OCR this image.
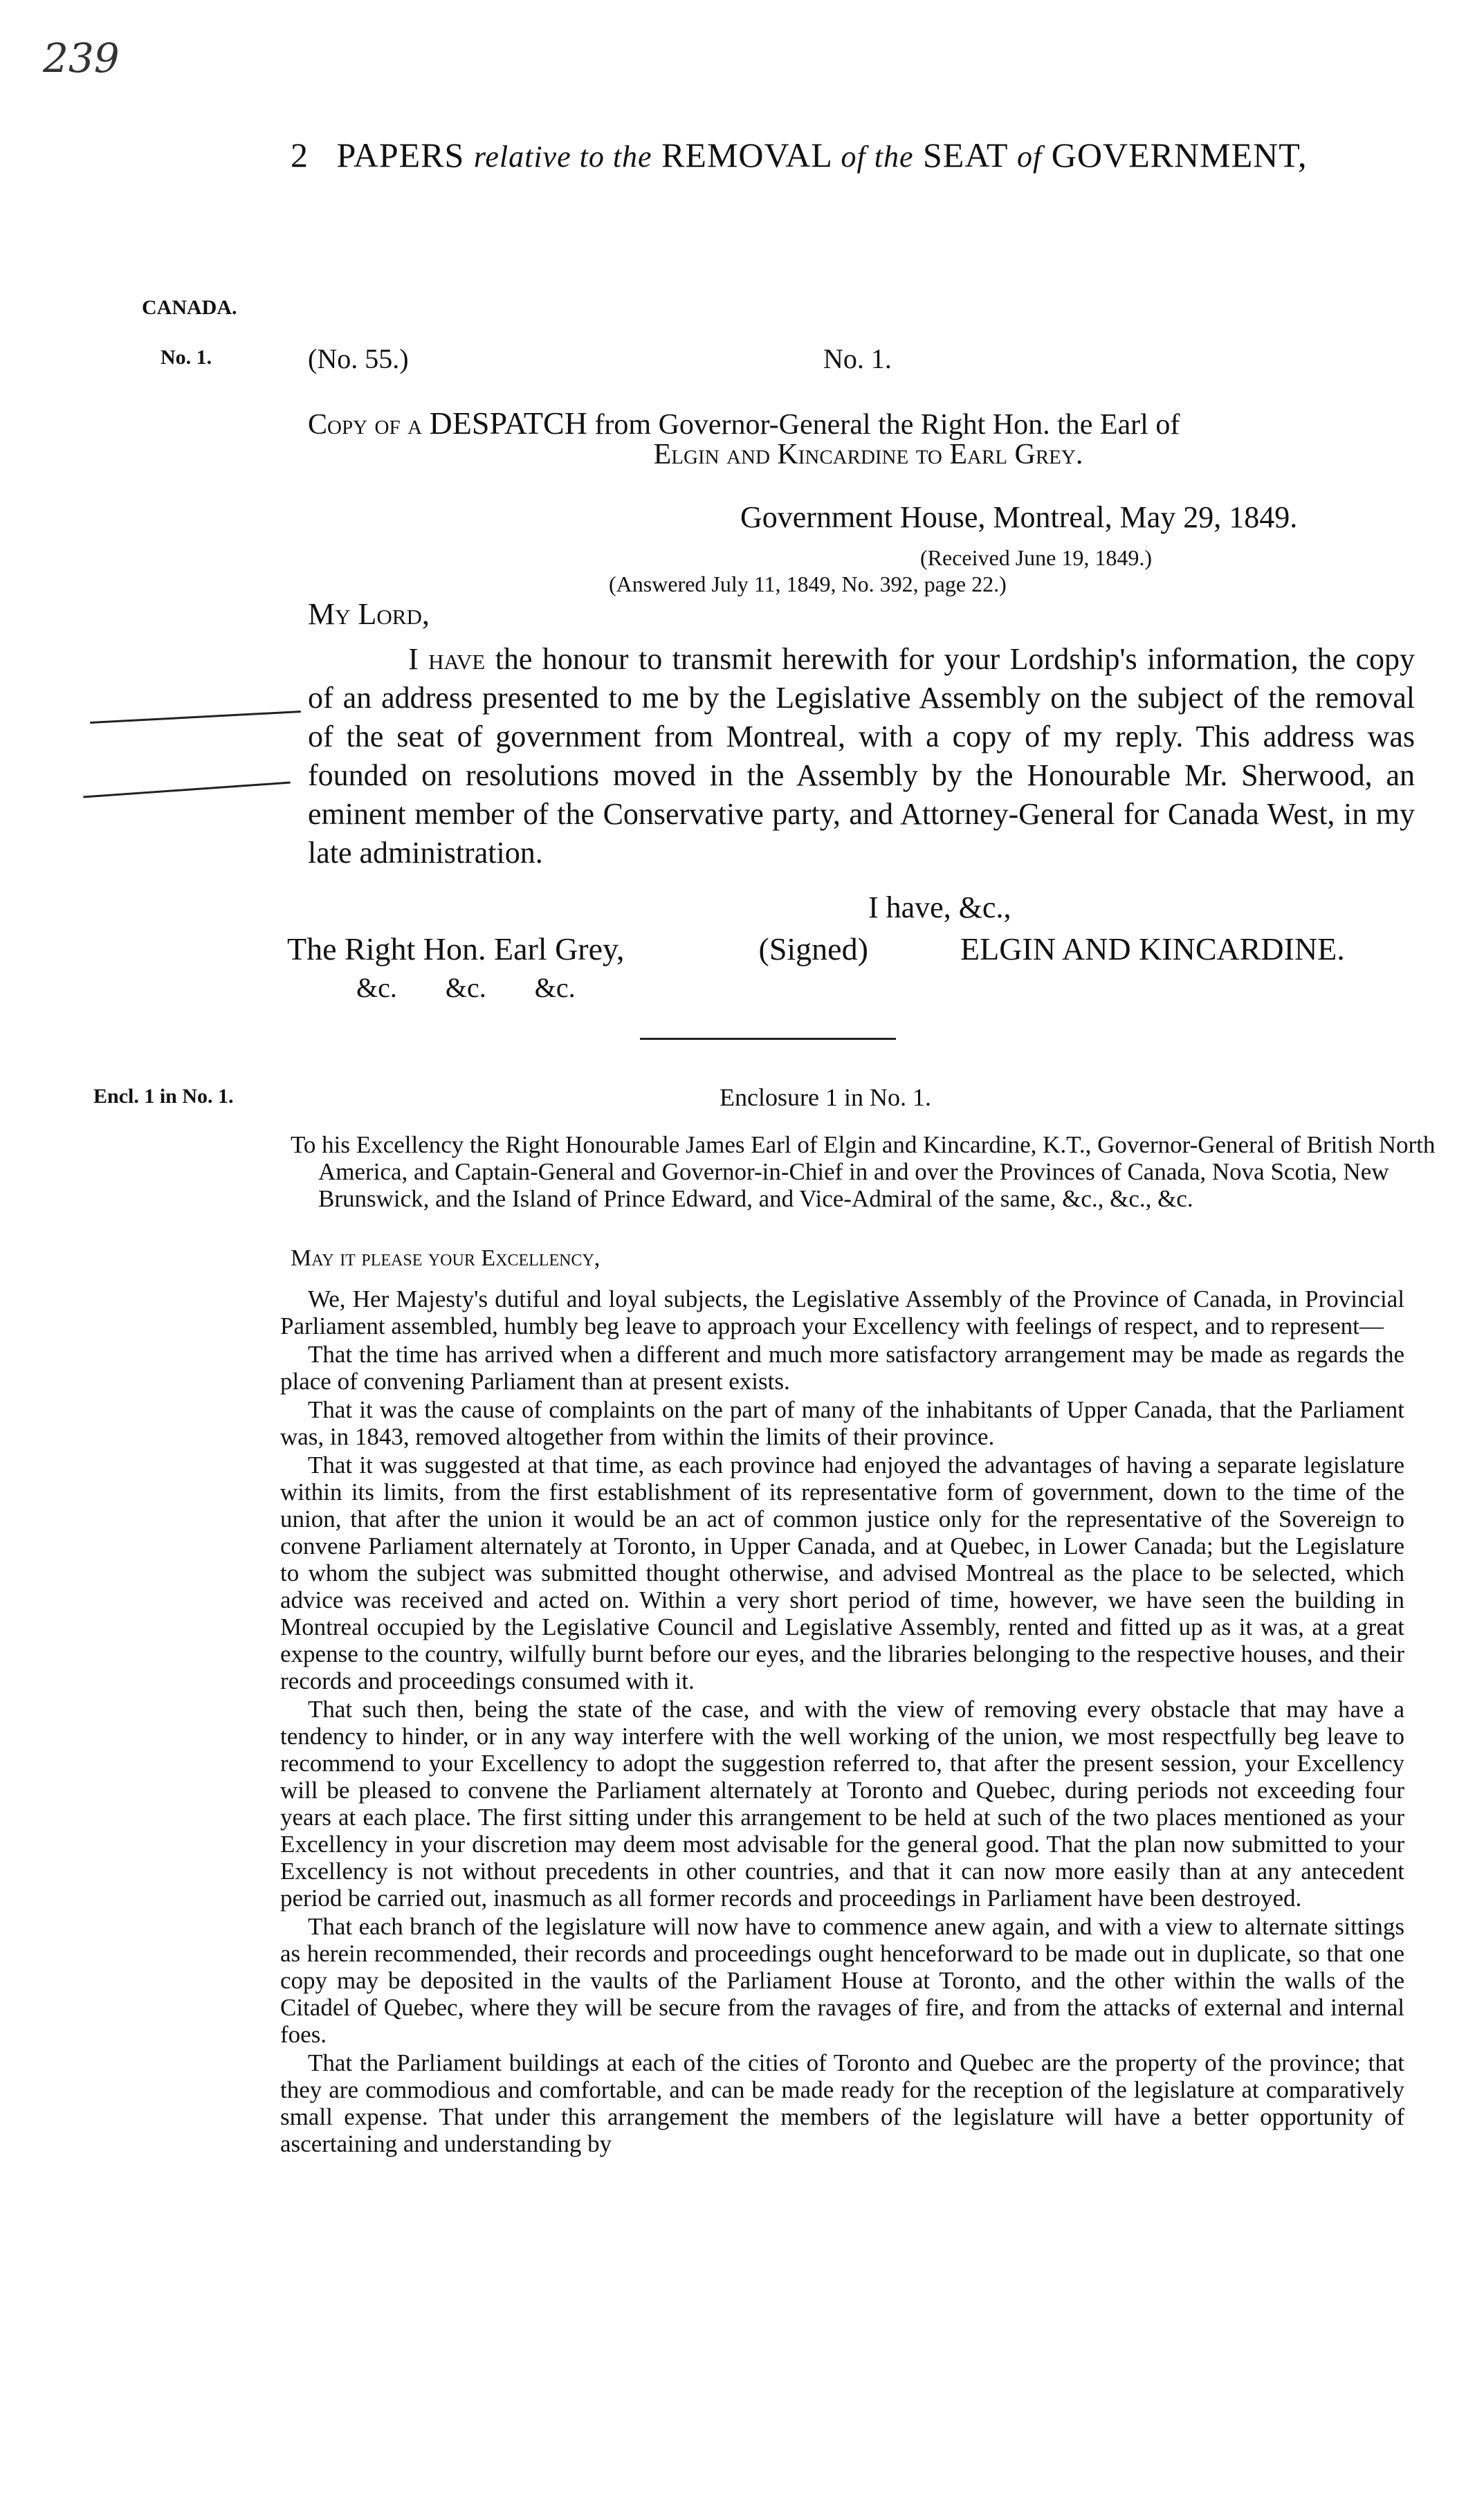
239
2 PAPERS relative to the REMOVAL of the SEAT of GOVERNMENT,
CANADA.
No. 1.	(No. 55.)	No. 1.
Copy of a DESPATCH from Governor-General the Right Hon. the Earl of
Elgin and Kincardine to Earl Grey.
Government House, Montreal, May 29, 1849.
(Received June 19, 1849.)
(Answered July 11, 1849, No. 392, page 22.)
My Lord,
I have the honour to transmit herewith for your Lordship's information, the copy of an address presented to me by the Legislative Assembly on the subject of the removal of the seat of government from Montreal, with a copy of my reply. This address was founded on resolutions moved in the Assembly by the Honourable Mr. Sherwood, an eminent member of the Conservative party, and Attorney-General for Canada West, in my late administration.
I have, &c.,
The Right Hon. Earl Grey,	(Signed)	ELGIN AND KINCARDINE.
&c. &c. &c.
Encl. 1 in No. 1.	Enclosure 1 in No. 1.
To his Excellency the Right Honourable James Earl of Elgin and Kincardine, K.T., Governor-General of British North America, and Captain-General and Governor-in-Chief in and over the Provinces of Canada, Nova Scotia, New Brunswick, and the Island of Prince Edward, and Vice-Admiral of the same, &c., &c., &c.
May it please your Excellency,

We, Her Majesty's dutiful and loyal subjects, the Legislative Assembly of the Province of Canada, in Provincial Parliament assembled, humbly beg leave to approach your Excellency with feelings of respect, and to represent—

That the time has arrived when a different and much more satisfactory arrangement may be made as regards the place of convening Parliament than at present exists.

That it was the cause of complaints on the part of many of the inhabitants of Upper Canada, that the Parliament was, in 1843, removed altogether from within the limits of their province.

That it was suggested at that time, as each province had enjoyed the advantages of having a separate legislature within its limits, from the first establishment of its representative form of government, down to the time of the union, that after the union it would be an act of common justice only for the representative of the Sovereign to convene Parliament alternately at Toronto, in Upper Canada, and at Quebec, in Lower Canada; but the Legislature to whom the subject was submitted thought otherwise, and advised Montreal as the place to be selected, which advice was received and acted on. Within a very short period of time, however, we have seen the building in Montreal occupied by the Legislative Council and Legislative Assembly, rented and fitted up as it was, at a great expense to the country, wilfully burnt before our eyes, and the libraries belonging to the respective houses, and their records and proceedings consumed with it.

That such then, being the state of the case, and with the view of removing every obstacle that may have a tendency to hinder, or in any way interfere with the well working of the union, we most respectfully beg leave to recommend to your Excellency to adopt the suggestion referred to, that after the present session, your Excellency will be pleased to convene the Parliament alternately at Toronto and Quebec, during periods not exceeding four years at each place. The first sitting under this arrangement to be held at such of the two places mentioned as your Excellency in your discretion may deem most advisable for the general good. That the plan now submitted to your Excellency is not without precedents in other countries, and that it can now more easily than at any antecedent period be carried out, inasmuch as all former records and proceedings in Parliament have been destroyed.

That each branch of the legislature will now have to commence anew again, and with a view to alternate sittings as herein recommended, their records and proceedings ought henceforward to be made out in duplicate, so that one copy may be deposited in the vaults of the Parliament House at Toronto, and the other within the walls of the Citadel of Quebec, where they will be secure from the ravages of fire, and from the attacks of external and internal foes.

That the Parliament buildings at each of the cities of Toronto and Quebec are the property of the province; that they are commodious and comfortable, and can be made ready for the reception of the legislature at comparatively small expense. That under this arrangement the members of the legislature will have a better opportunity of ascertaining and understanding by
